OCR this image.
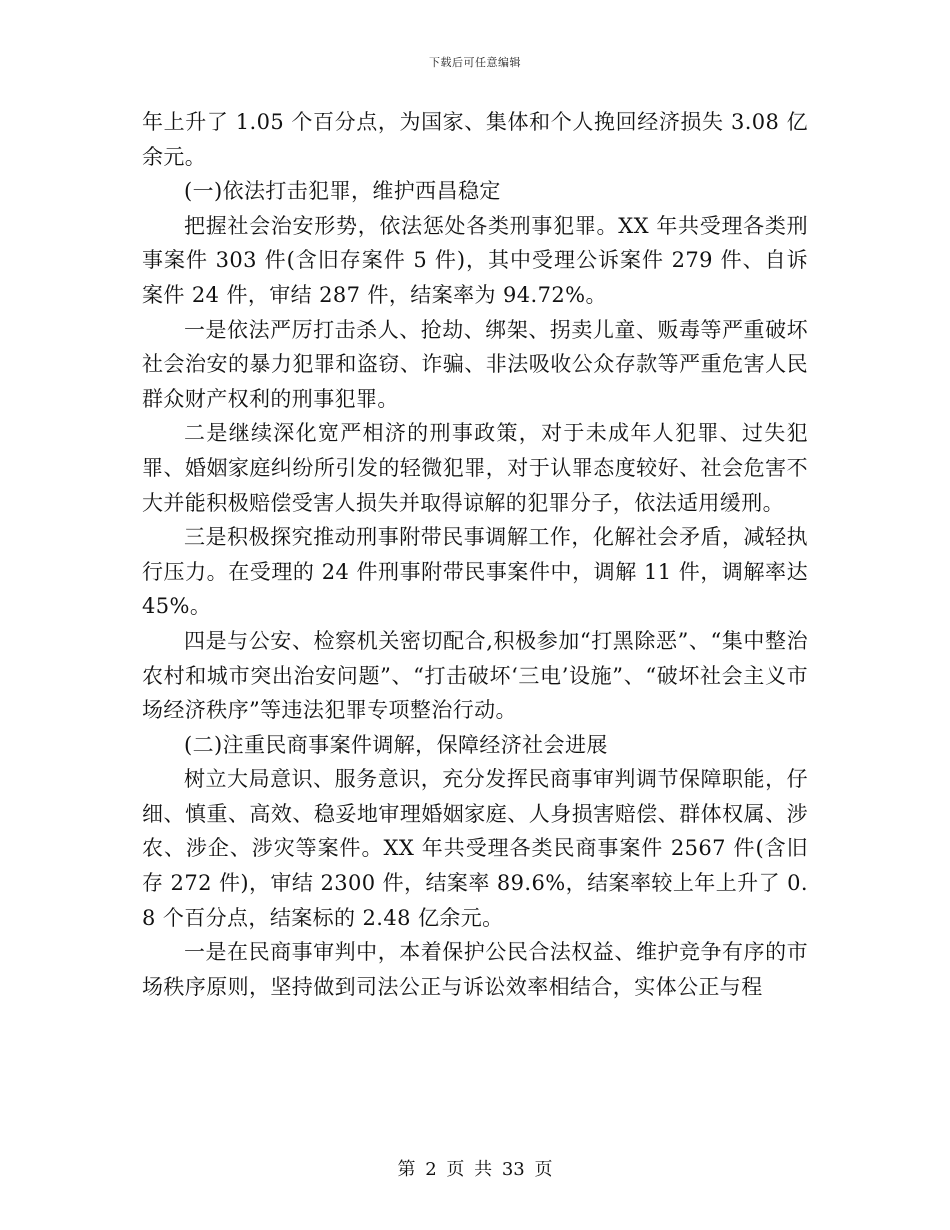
下载后可任意编辑

年上升了 1.05 个百分点，为国家、集体和个人挽回经济损失 3.08 亿余元。

(一)依法打击犯罪，维护西昌稳定

把握社会治安形势，依法惩处各类刑事犯罪。XX 年共受理各类刑事案件 303 件(含旧存案件 5 件)，其中受理公诉案件 279 件、自诉案件 24 件，审结 287 件，结案率为 94.72%。

一是依法严厉打击杀人、抢劫、绑架、拐卖儿童、贩毒等严重破坏社会治安的暴力犯罪和盗窃、诈骗、非法吸收公众存款等严重危害人民群众财产权利的刑事犯罪。

二是继续深化宽严相济的刑事政策，对于未成年人犯罪、过失犯罪、婚姻家庭纠纷所引发的轻微犯罪，对于认罪态度较好、社会危害不大并能积极赔偿受害人损失并取得谅解的犯罪分子，依法适用缓刑。

三是积极探究推动刑事附带民事调解工作，化解社会矛盾，减轻执行压力。在受理的 24 件刑事附带民事案件中，调解 11 件，调解率达 45%。

四是与公安、检察机关密切配合,积极参加“打黑除恶”、“集中整治农村和城市突出治安问题”、“打击破坏‘三电’设施”、“破坏社会主义市场经济秩序”等违法犯罪专项整治行动。

(二)注重民商事案件调解，保障经济社会进展

树立大局意识、服务意识，充分发挥民商事审判调节保障职能，仔细、慎重、高效、稳妥地审理婚姻家庭、人身损害赔偿、群体权属、涉农、涉企、涉灾等案件。XX 年共受理各类民商事案件 2567 件(含旧存 272 件)，审结 2300 件，结案率 89.6%，结案率较上年上升了 0.8 个百分点，结案标的 2.48 亿余元。

一是在民商事审判中，本着保护公民合法权益、维护竞争有序的市场秩序原则，坚持做到司法公正与诉讼效率相结合，实体公正与程

第 2 页 共 33 页
